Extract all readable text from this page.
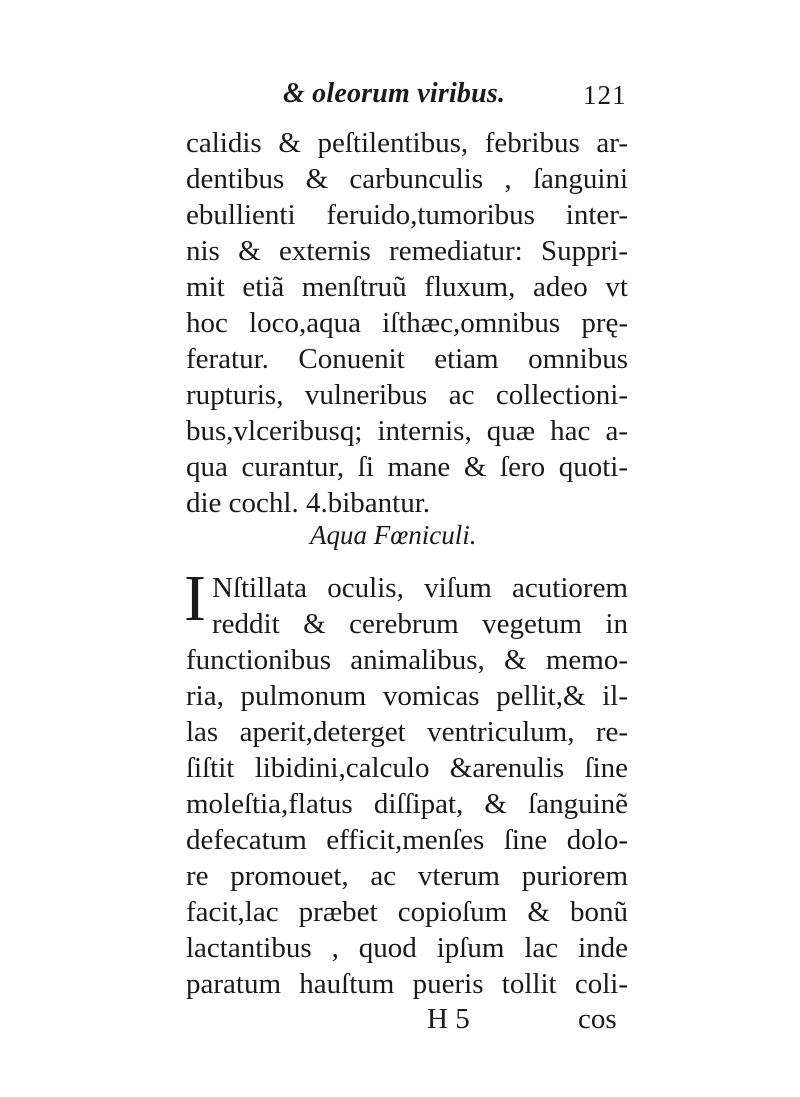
& oleorum viribus.	121
calidis & peſtilentibus, febribus ar-
dentibus & carbunculis , ſanguini
ebullienti feruido,tumoribus inter-
nis & externis remediatur: Suppri-
mit etiã menſtruũ fluxum, adeo vt
hoc loco,aqua iſthæc,omnibus prę-
feratur. Conuenit etiam omnibus
rupturis, vulneribus ac collectioni-
bus,vlceribusq; internis, quæ hac a-
qua curantur, ſi mane & ſero quoti-
die cochl. 4.bibantur.
Aqua Fœniculi.
I Nſtillata oculis, viſum acutiorem
reddit & cerebrum vegetum in
functionibus animalibus, & memo-
ria, pulmonum vomicas pellit,& il-
las aperit,deterget ventriculum, re-
ſiſtit libidini,calculo &arenulis ſine
moleſtia,flatus diſſipat, & ſanguinẽ
defecatum efficit,menſes ſine dolo-
re promouet, ac vterum puriorem
facit,lac præbet copioſum & bonũ
lactantibus , quod ipſum lac inde
paratum hauſtum pueris tollit coli-
H 5	cos
